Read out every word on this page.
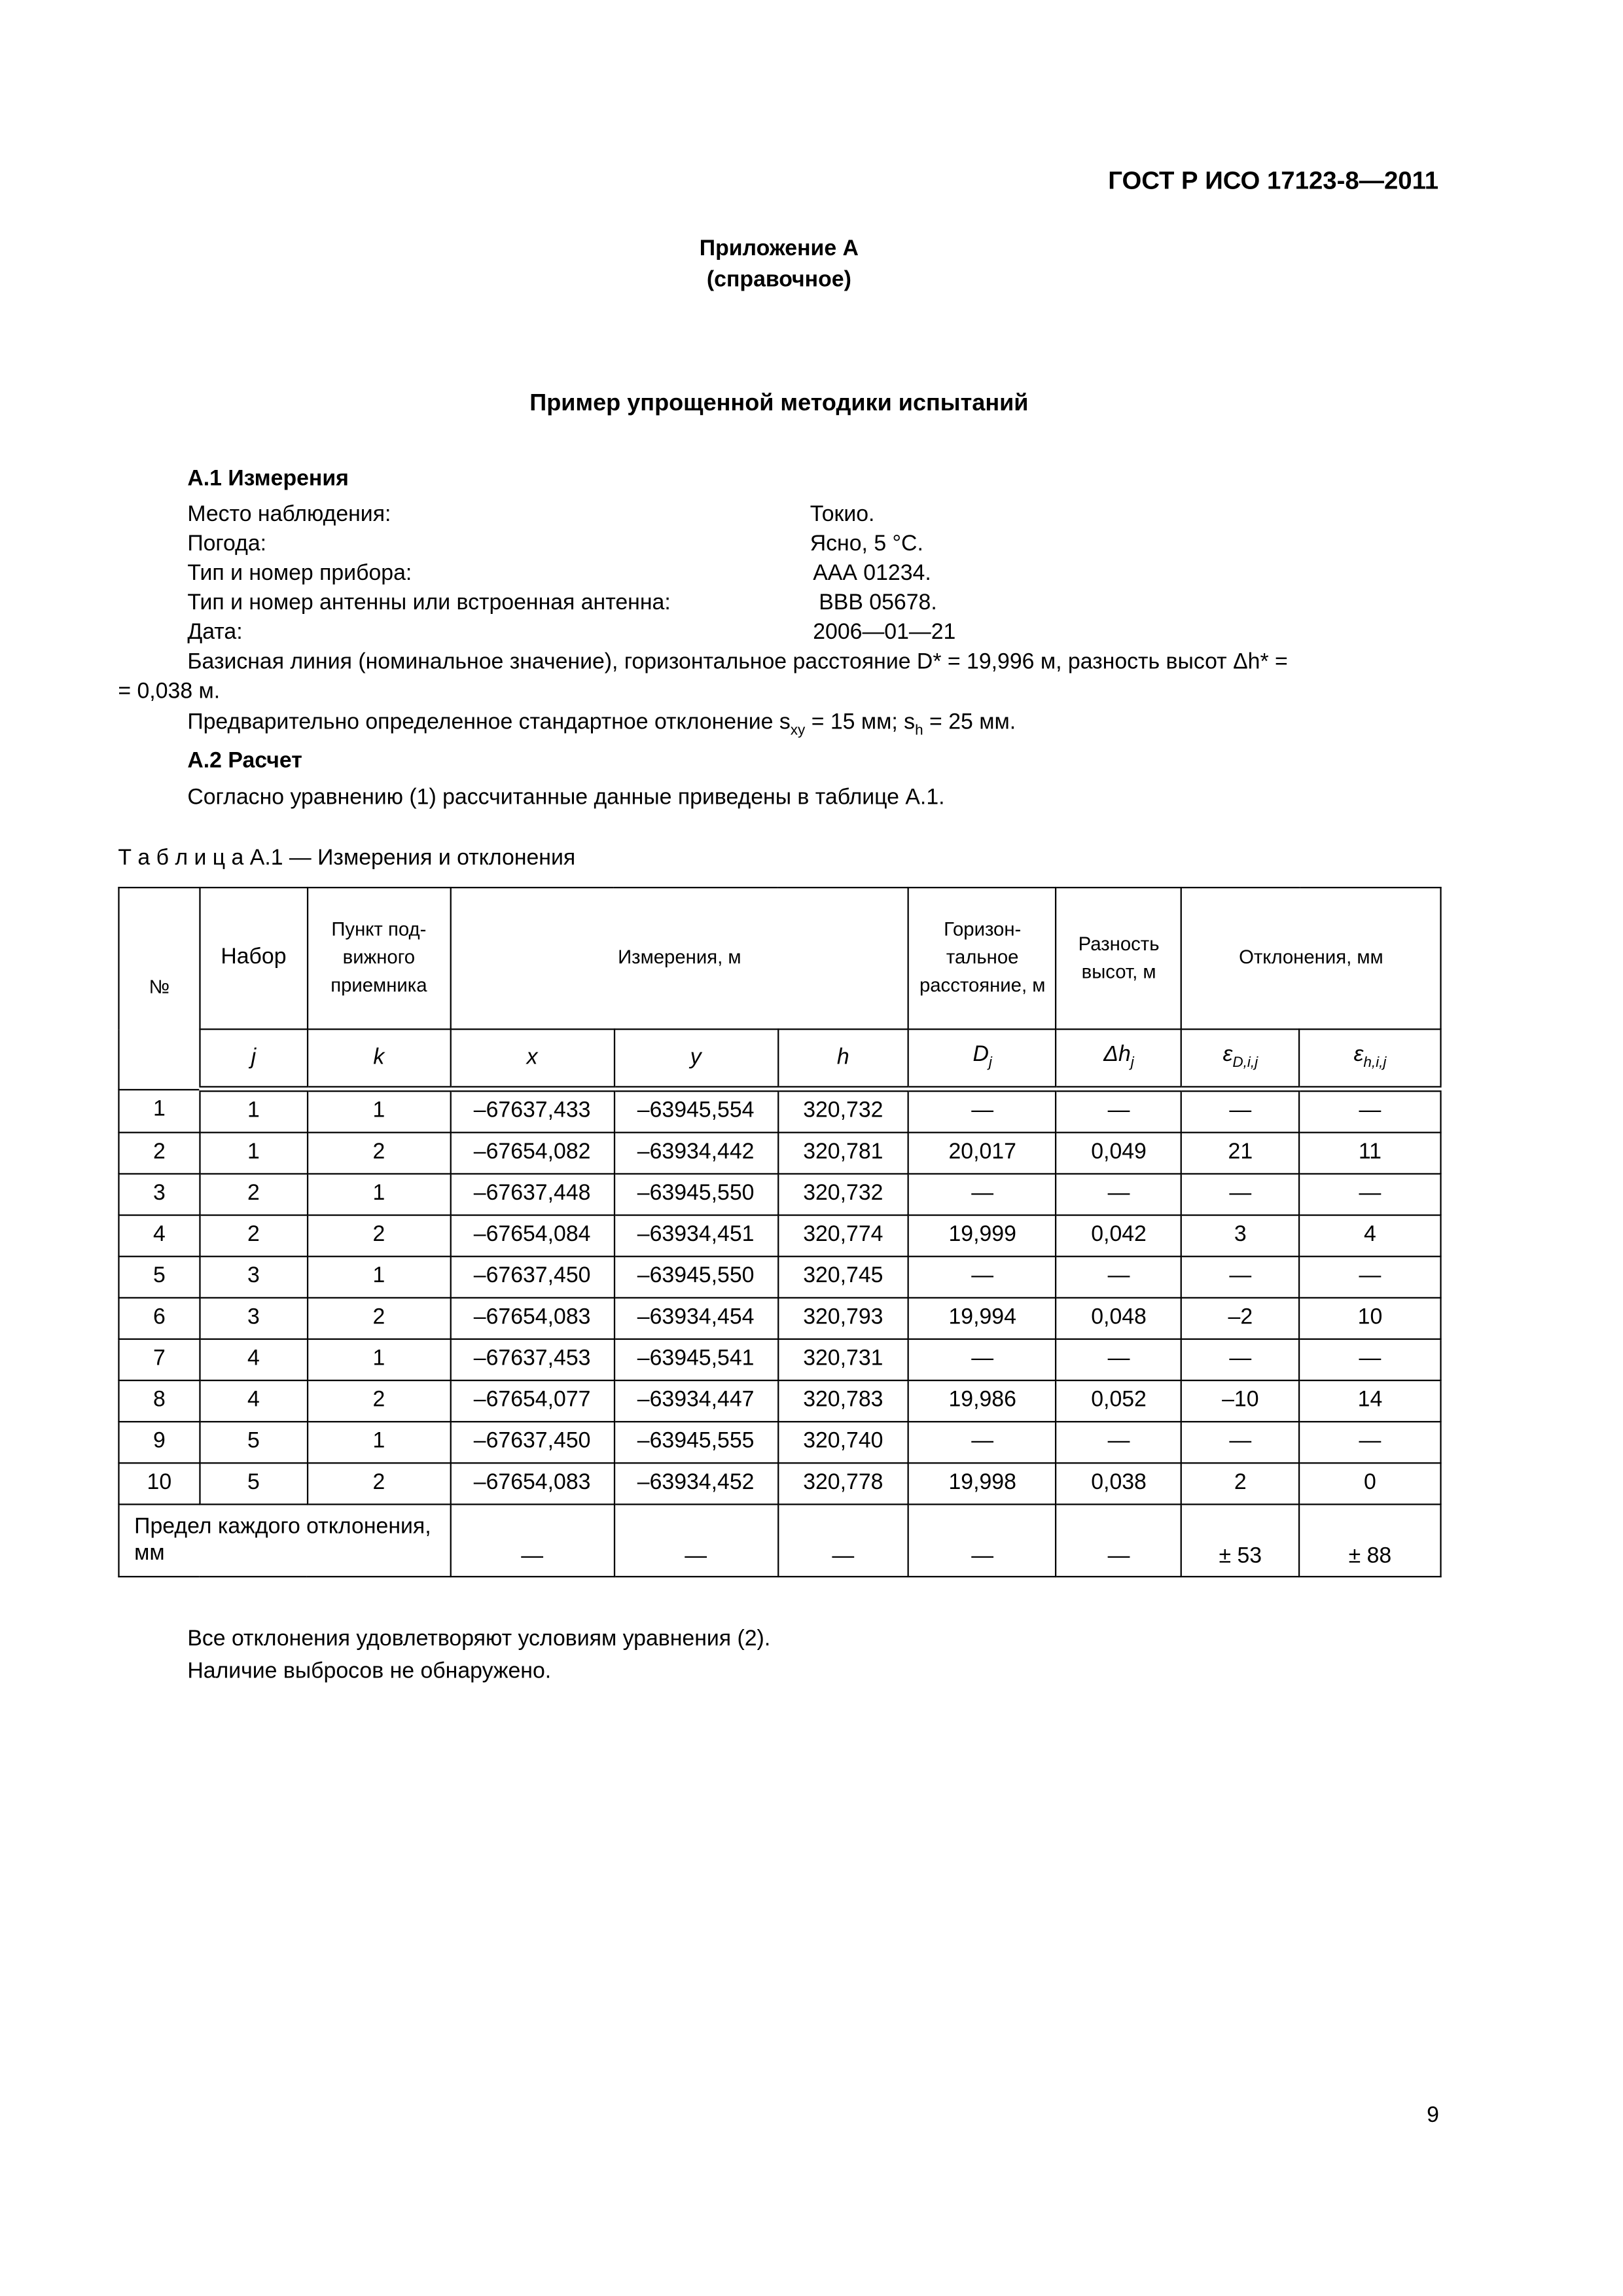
ГОСТ Р ИСО 17123-8—2011
Приложение А
(справочное)
Пример упрощенной методики испытаний
А.1 Измерения
Место наблюдения:	Токио.
Погода:	Ясно, 5 °С.
Тип и номер прибора:	ААА 01234.
Тип и номер антенны или встроенная антенна:	ВВВ 05678.
Дата:	2006—01—21
Базисная линия (номинальное значение), горизонтальное расстояние D* = 19,996 м, разность высот Δh* =
= 0,038 м.
Предварительно определенное стандартное отклонение $s_{xy} = 15$ мм; $s_h = 25$ мм.
А.2 Расчет
Согласно уравнению (1) рассчитанные данные приведены в таблице А.1.
Т а б л и ц а А.1 — Измерения и отклонения
№	Набор	Пункт под-вижного приемника	Измерения, м			Горизон-тальное расстояние, м	Разность высот, м	Отклонения, мм	
	j	k	x	y	h	$D_j$	$\Delta h_j$	$\varepsilon_{D,i,j}$	$\varepsilon_{h,i,j}$
1	1	1	–67637,433	–63945,554	320,732	—	—	—	—
2	1	2	–67654,082	–63934,442	320,781	20,017	0,049	21	11
3	2	1	–67637,448	–63945,550	320,732	—	—	—	—
4	2	2	–67654,084	–63934,451	320,774	19,999	0,042	3	4
5	3	1	–67637,450	–63945,550	320,745	—	—	—	—
6	3	2	–67654,083	–63934,454	320,793	19,994	0,048	–2	10
7	4	1	–67637,453	–63945,541	320,731	—	—	—	—
8	4	2	–67654,077	–63934,447	320,783	19,986	0,052	–10	14
9	5	1	–67637,450	–63945,555	320,740	—	—	—	—
10	5	2	–67654,083	–63934,452	320,778	19,998	0,038	2	0
Предел каждого отклонения, мм			—	—	—	—	—	± 53	± 88
Все отклонения удовлетворяют условиям уравнения (2).
Наличие выбросов не обнаружено.
9
